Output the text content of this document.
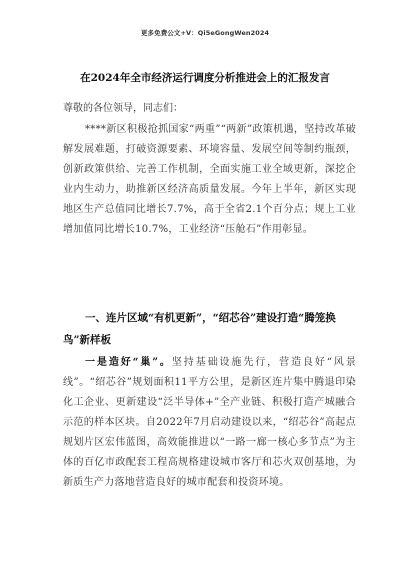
更多免费公文+V：Qi5eGongWen2024
在2024年全市经济运行调度分析推进会上的汇报发言
尊敬的各位领导，同志们：
****新区积极抢抓国家“两重”“两新”政策机遇，坚持改革破解发展难题，打破资源要素、环境容量、发展空间等制约瓶颈，创新政策供给、完善工作机制，全面实施工业全域更新，深挖企业内生动力，助推新区经济高质量发展。今年上半年，新区实现地区生产总值同比增长7.7%，高于全省2.1个百分点；规上工业增加值同比增长10.7%，工业经济“压舱石”作用彰显。
一、连片区域“有机更新”，“绍芯谷”建设打造“腾笼换鸟”新样板
一是造好“巢”。坚持基础设施先行，营造良好“风景线”。“绍芯谷”规划面积11平方公里，是新区连片集中腾退印染化工企业、更新建设“泛半导体+”全产业链、积极打造产城融合示范的样本区块。自2022年7月启动建设以来，“绍芯谷”高起点规划片区宏伟蓝图，高效能推进以“一路一廊一核心多节点”为主体的百亿市政配套工程高规格建设城市客厅和芯火双创基地，为新质生产力落地营造良好的城市配套和投资环境。
